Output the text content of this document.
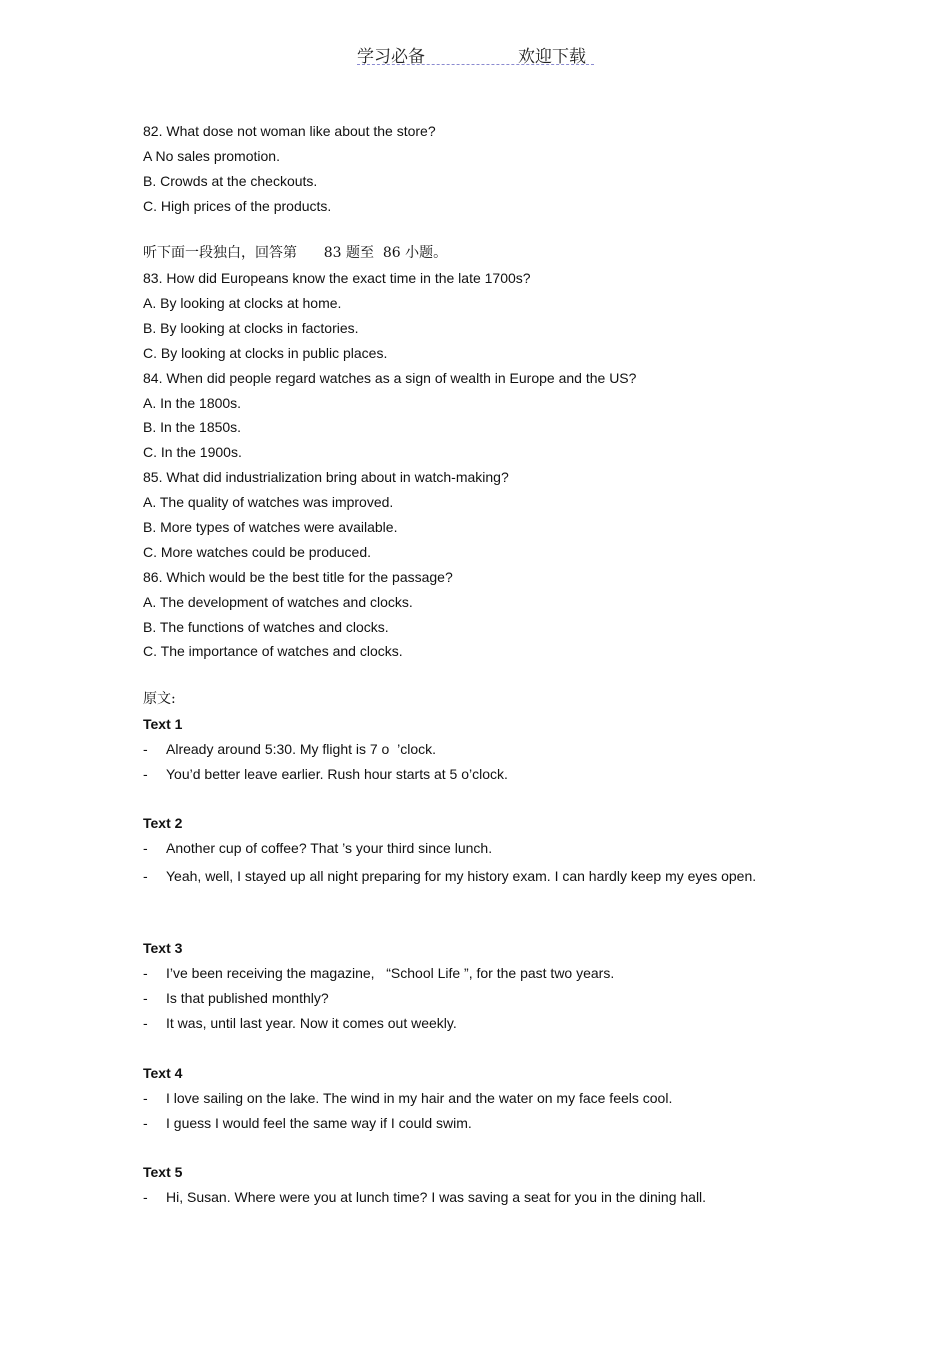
学习必备	欢迎下载
82. What dose not woman like about the store?
A No sales promotion.
B. Crowds at the checkouts.
C. High prices of the products.
听下面一段独白，回答第      83 题至  86 小题。
83. How did Europeans know the exact time in the late 1700s?
A. By looking at clocks at home.
B. By looking at clocks in factories.
C. By looking at clocks in public places.
84. When did people regard watches as a sign of wealth in Europe and the US?
A. In the 1800s.
B. In the 1850s.
C. In the 1900s.
85. What did industrialization bring about in watch-making?
A. The quality of watches was improved.
B. More types of watches were available.
C. More watches could be produced.
86. Which would be the best title for the passage?
A. The development of watches and clocks.
B. The functions of watches and clocks.
C. The importance of watches and clocks.
原文:
Text 1
- Already around 5:30. My flight is 7 o  ’clock.
- You’d better leave earlier. Rush hour starts at 5 o’clock.
Text 2
- Another cup of coffee? That ’s your third since lunch.
- Yeah, well, I stayed up all night preparing for my history exam. I can hardly keep my eyes open.
Text 3
- I’ve been receiving the magazine,   “School Life ”, for the past two years.
- Is that published monthly?
- It was, until last year. Now it comes out weekly.
Text 4
- I love sailing on the lake. The wind in my hair and the water on my face feels cool.
- I guess I would feel the same way if I could swim.
Text 5
- Hi, Susan. Where were you at lunch time? I was saving a seat for you in the dining hall.
